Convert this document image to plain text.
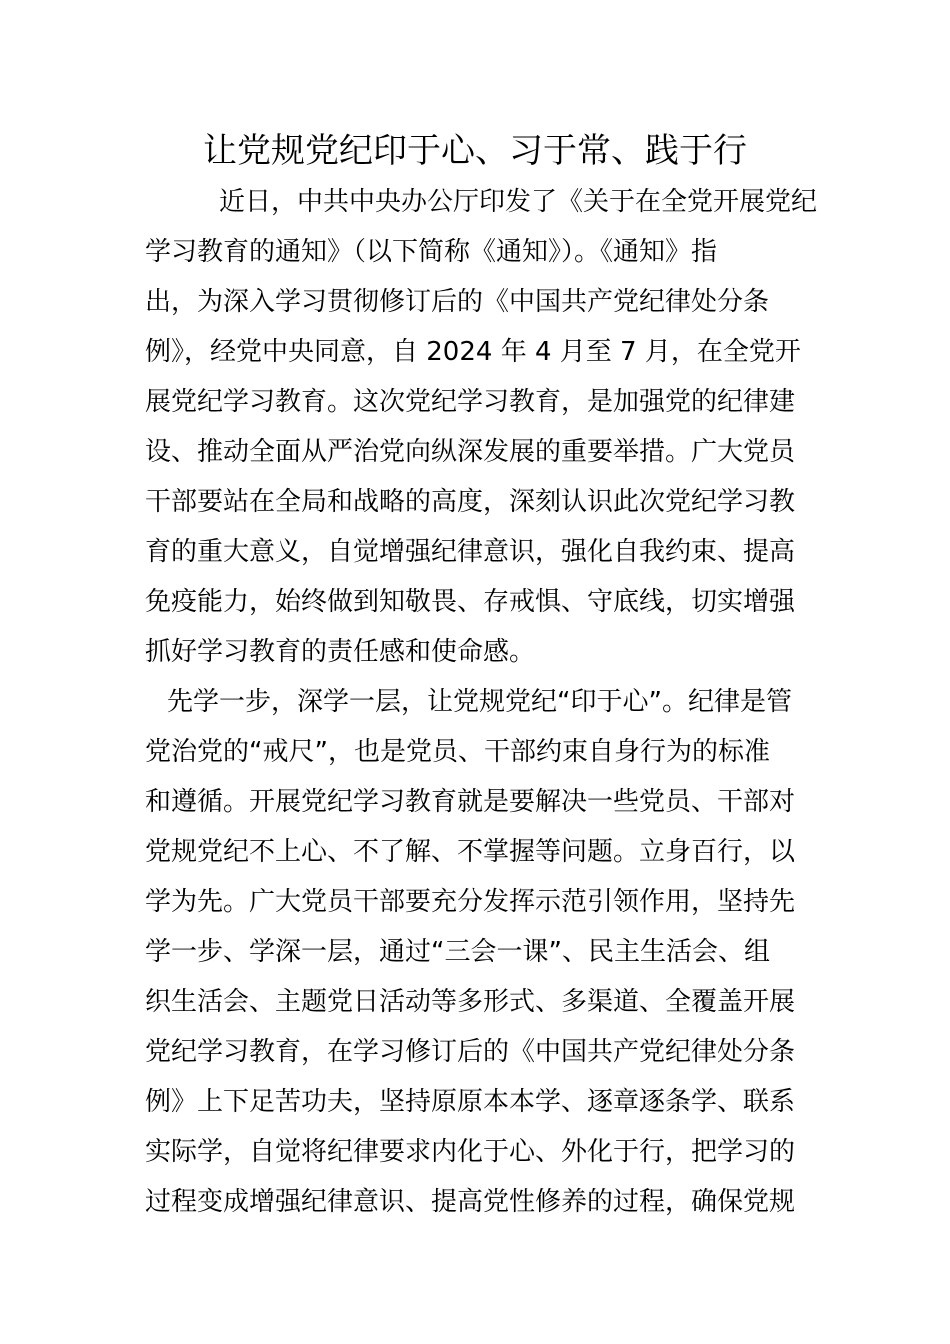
让党规党纪印于心、习于常、践于行
近日，中共中央办公厅印发了《关于在全党开展党纪
学习教育的通知》（以下简称《通知》）。《通知》指
出，为深入学习贯彻修订后的《中国共产党纪律处分条
例》，经党中央同意，自 2024 年 4 月至 7 月，在全党开
展党纪学习教育。这次党纪学习教育，是加强党的纪律建
设、推动全面从严治党向纵深发展的重要举措。广大党员
干部要站在全局和战略的高度，深刻认识此次党纪学习教
育的重大意义，自觉增强纪律意识，强化自我约束、提高
免疫能力，始终做到知敬畏、存戒惧、守底线，切实增强
抓好学习教育的责任感和使命感。
先学一步，深学一层，让党规党纪“印于心”。纪律是管
党治党的“戒尺”，也是党员、干部约束自身行为的标准
和遵循。开展党纪学习教育就是要解决一些党员、干部对
党规党纪不上心、不了解、不掌握等问题。立身百行，以
学为先。广大党员干部要充分发挥示范引领作用，坚持先
学一步、学深一层，通过“三会一课”、民主生活会、组
织生活会、主题党日活动等多形式、多渠道、全覆盖开展
党纪学习教育，在学习修订后的《中国共产党纪律处分条
例》上下足苦功夫，坚持原原本本学、逐章逐条学、联系
实际学，自觉将纪律要求内化于心、外化于行，把学习的
过程变成增强纪律意识、提高党性修养的过程，确保党规
